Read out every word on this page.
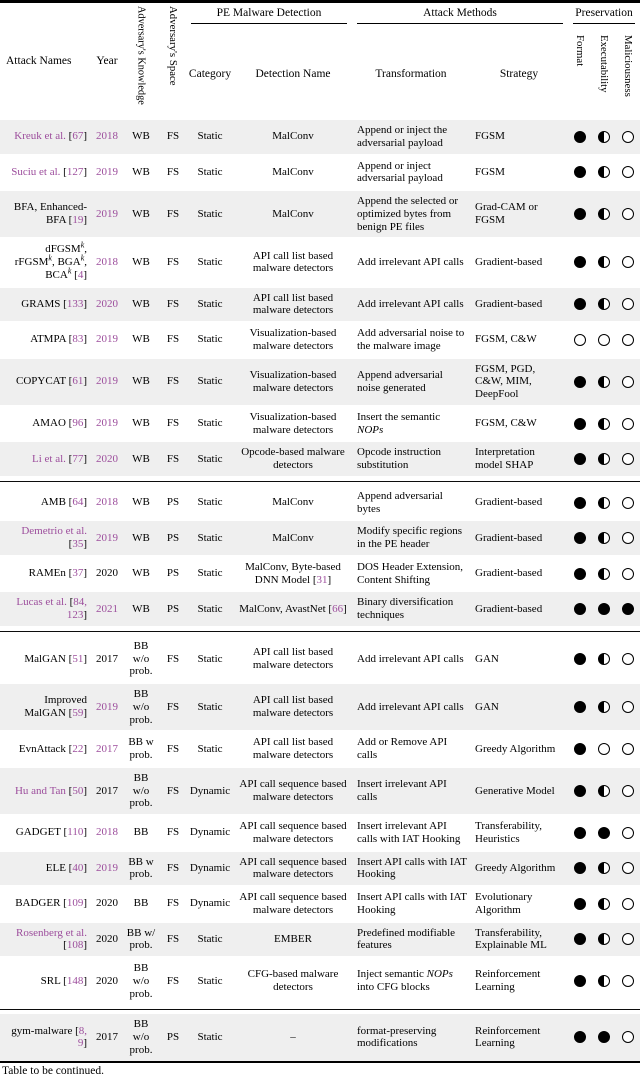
Attack Names	Year	Adversary's Knowledge	Adversary's Space	PE Malware Detection		Attack Methods		Preservation		

				Category	Detection Name	Transformation	Strategy	Format	Executability	Maliciousness

Kreuk et al. [67]	2018	WB	FS	Static	MalConv	Append or inject the adversarial payload	FGSM			
Suciu et al. [127]	2019	WB	FS	Static	MalConv	Append or inject adversarial payload	FGSM			
BFA, Enhanced-BFA [19]	2019	WB	FS	Static	MalConv	Append the selected or optimized bytes from benign PE files	Grad-CAM or FGSM			
dFGSM$^k$, rFGSM$^k$, BGA$^k$, BCA$^k$ [4]	2018	WB	FS	Static	API call list based malware detectors	Add irrelevant API calls	Gradient-based			
GRAMS [133]	2020	WB	FS	Static	API call list based malware detectors	Add irrelevant API calls	Gradient-based			
ATMPA [83]	2019	WB	FS	Static	Visualization-based malware detectors	Add adversarial noise to the malware image	FGSM, C&W			
COPYCAT [61]	2019	WB	FS	Static	Visualization-based malware detectors	Append adversarial noise generated	FGSM, PGD, C&W, MIM, DeepFool			
AMAO [96]	2019	WB	FS	Static	Visualization-based malware detectors	Insert the semantic NOPs	FGSM, C&W			
Li et al. [77]	2020	WB	FS	Static	Opcode-based malware detectors	Opcode instruction substitution	Interpretation model SHAP			

AMB [64]	2018	WB	PS	Static	MalConv	Append adversarial bytes	Gradient-based			
Demetrio et al. [35]	2019	WB	PS	Static	MalConv	Modify specific regions in the PE header	Gradient-based			
RAMEn [37]	2020	WB	PS	Static	MalConv, Byte-based DNN Model [31]	DOS Header Extension, Content Shifting	Gradient-based			
Lucas et al. [84, 123]	2021	WB	PS	Static	MalConv, AvastNet [66]	Binary diversification techniques	Gradient-based			

MalGAN [51]	2017	BB w/o prob.	FS	Static	API call list based malware detectors	Add irrelevant API calls	GAN			
Improved MalGAN [59]	2019	BB w/o prob.	FS	Static	API call list based malware detectors	Add irrelevant API calls	GAN			
EvnAttack [22]	2017	BB w prob.	FS	Static	API call list based malware detectors	Add or Remove API calls	Greedy Algorithm			
Hu and Tan [50]	2017	BB w/o prob.	FS	Dynamic	API call sequence based malware detectors	Insert irrelevant API calls	Generative Model			
GADGET [110]	2018	BB	FS	Dynamic	API call sequence based malware detectors	Insert irrelevant API calls with IAT Hooking	Transferability, Heuristics			
ELE [40]	2019	BB w prob.	FS	Dynamic	API call sequence based malware detectors	Insert API calls with IAT Hooking	Greedy Algorithm			
BADGER [109]	2020	BB	FS	Dynamic	API call sequence based malware detectors	Insert API calls with IAT Hooking	Evolutionary Algorithm			
Rosenberg et al. [108]	2020	BB w/ prob.	FS	Static	EMBER	Predefined modifiable features	Transferability, Explainable ML			
SRL [148]	2020	BB w/o prob.	FS	Static	CFG-based malware detectors	Inject semantic NOPs into CFG blocks	Reinforcement Learning			

gym-malware [8, 9]	2017	BB w/o prob.	PS	Static	–	format-preserving modifications	Reinforcement Learning			
Table to be continued.
